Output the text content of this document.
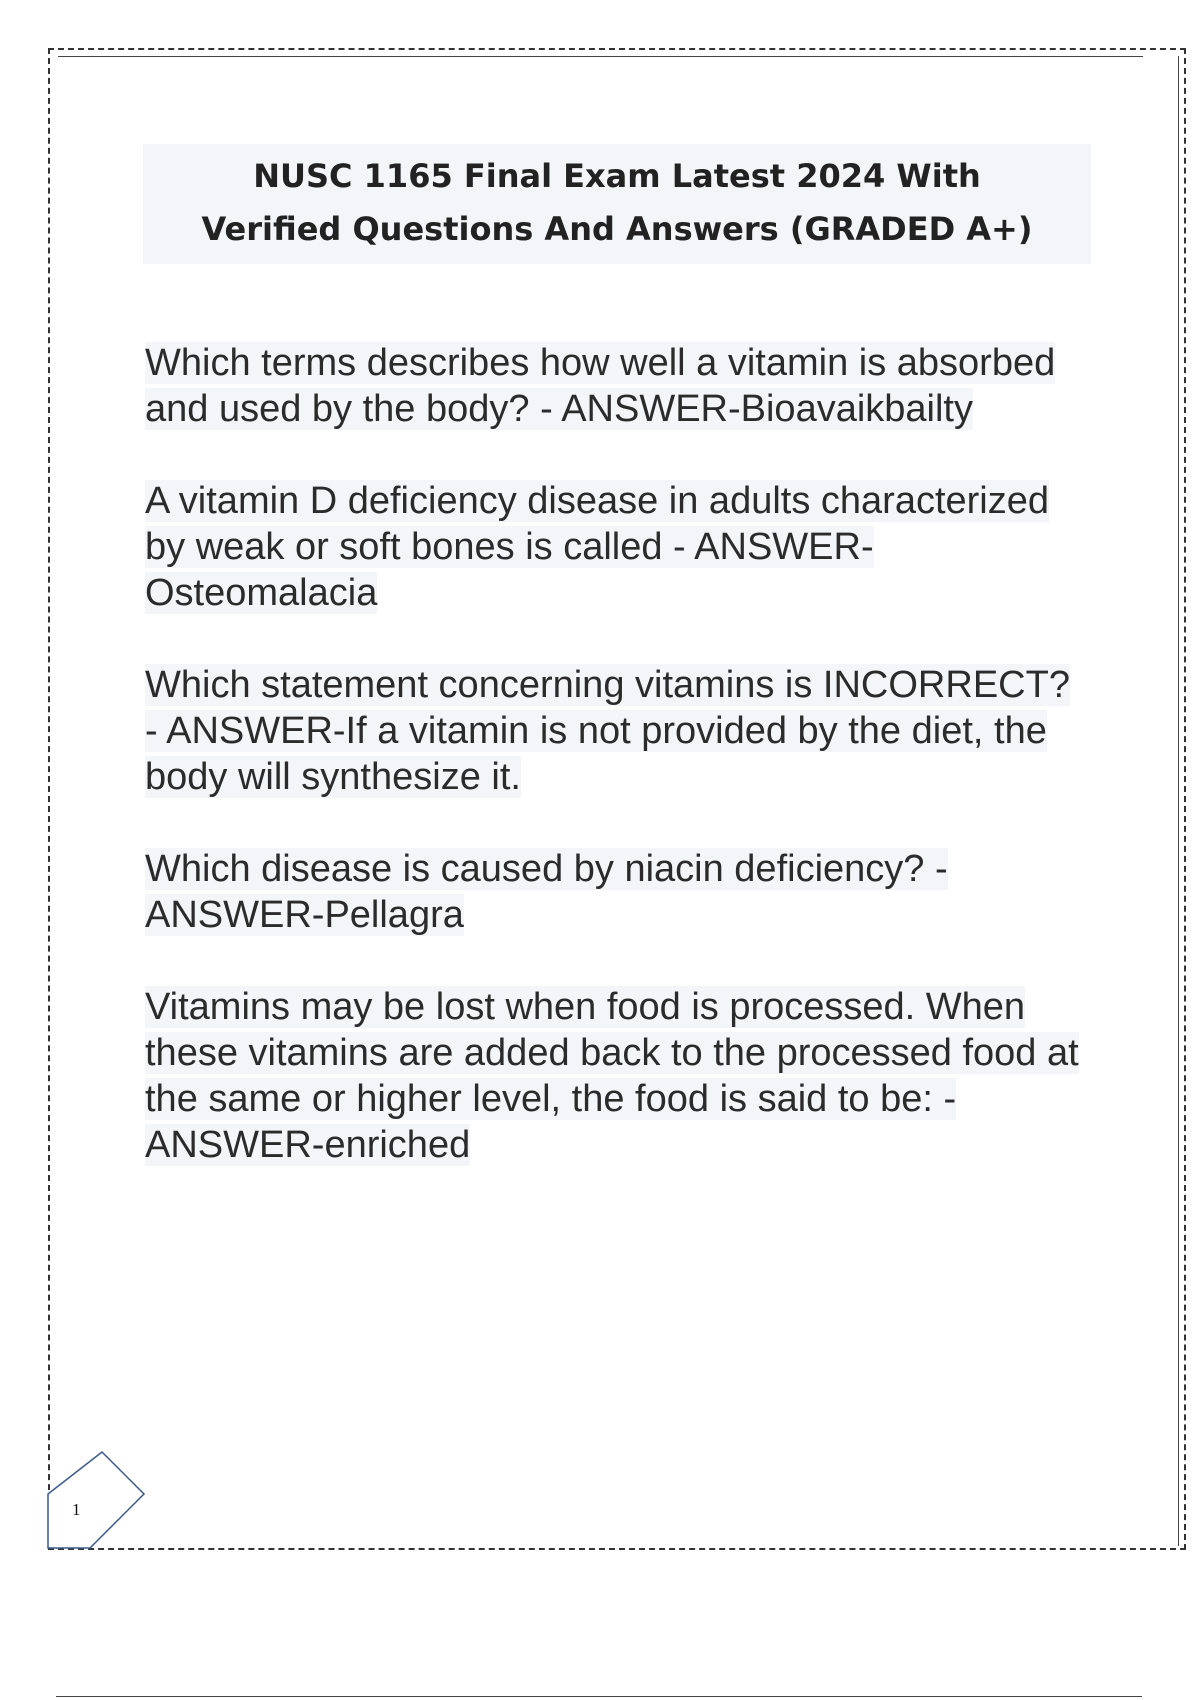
NUSC 1165 Final Exam Latest 2024 With
Verified Questions And Answers (GRADED A+)

Which terms describes how well a vitamin is absorbed and used by the body? - ANSWER-Bioavaikbailty

A vitamin D deficiency disease in adults characterized by weak or soft bones is called - ANSWER-Osteomalacia

Which statement concerning vitamins is INCORRECT? - ANSWER-If a vitamin is not provided by the diet, the body will synthesize it.

Which disease is caused by niacin deficiency? - ANSWER-Pellagra

Vitamins may be lost when food is processed. When these vitamins are added back to the processed food at the same or higher level, the food is said to be: - ANSWER-enriched

1
